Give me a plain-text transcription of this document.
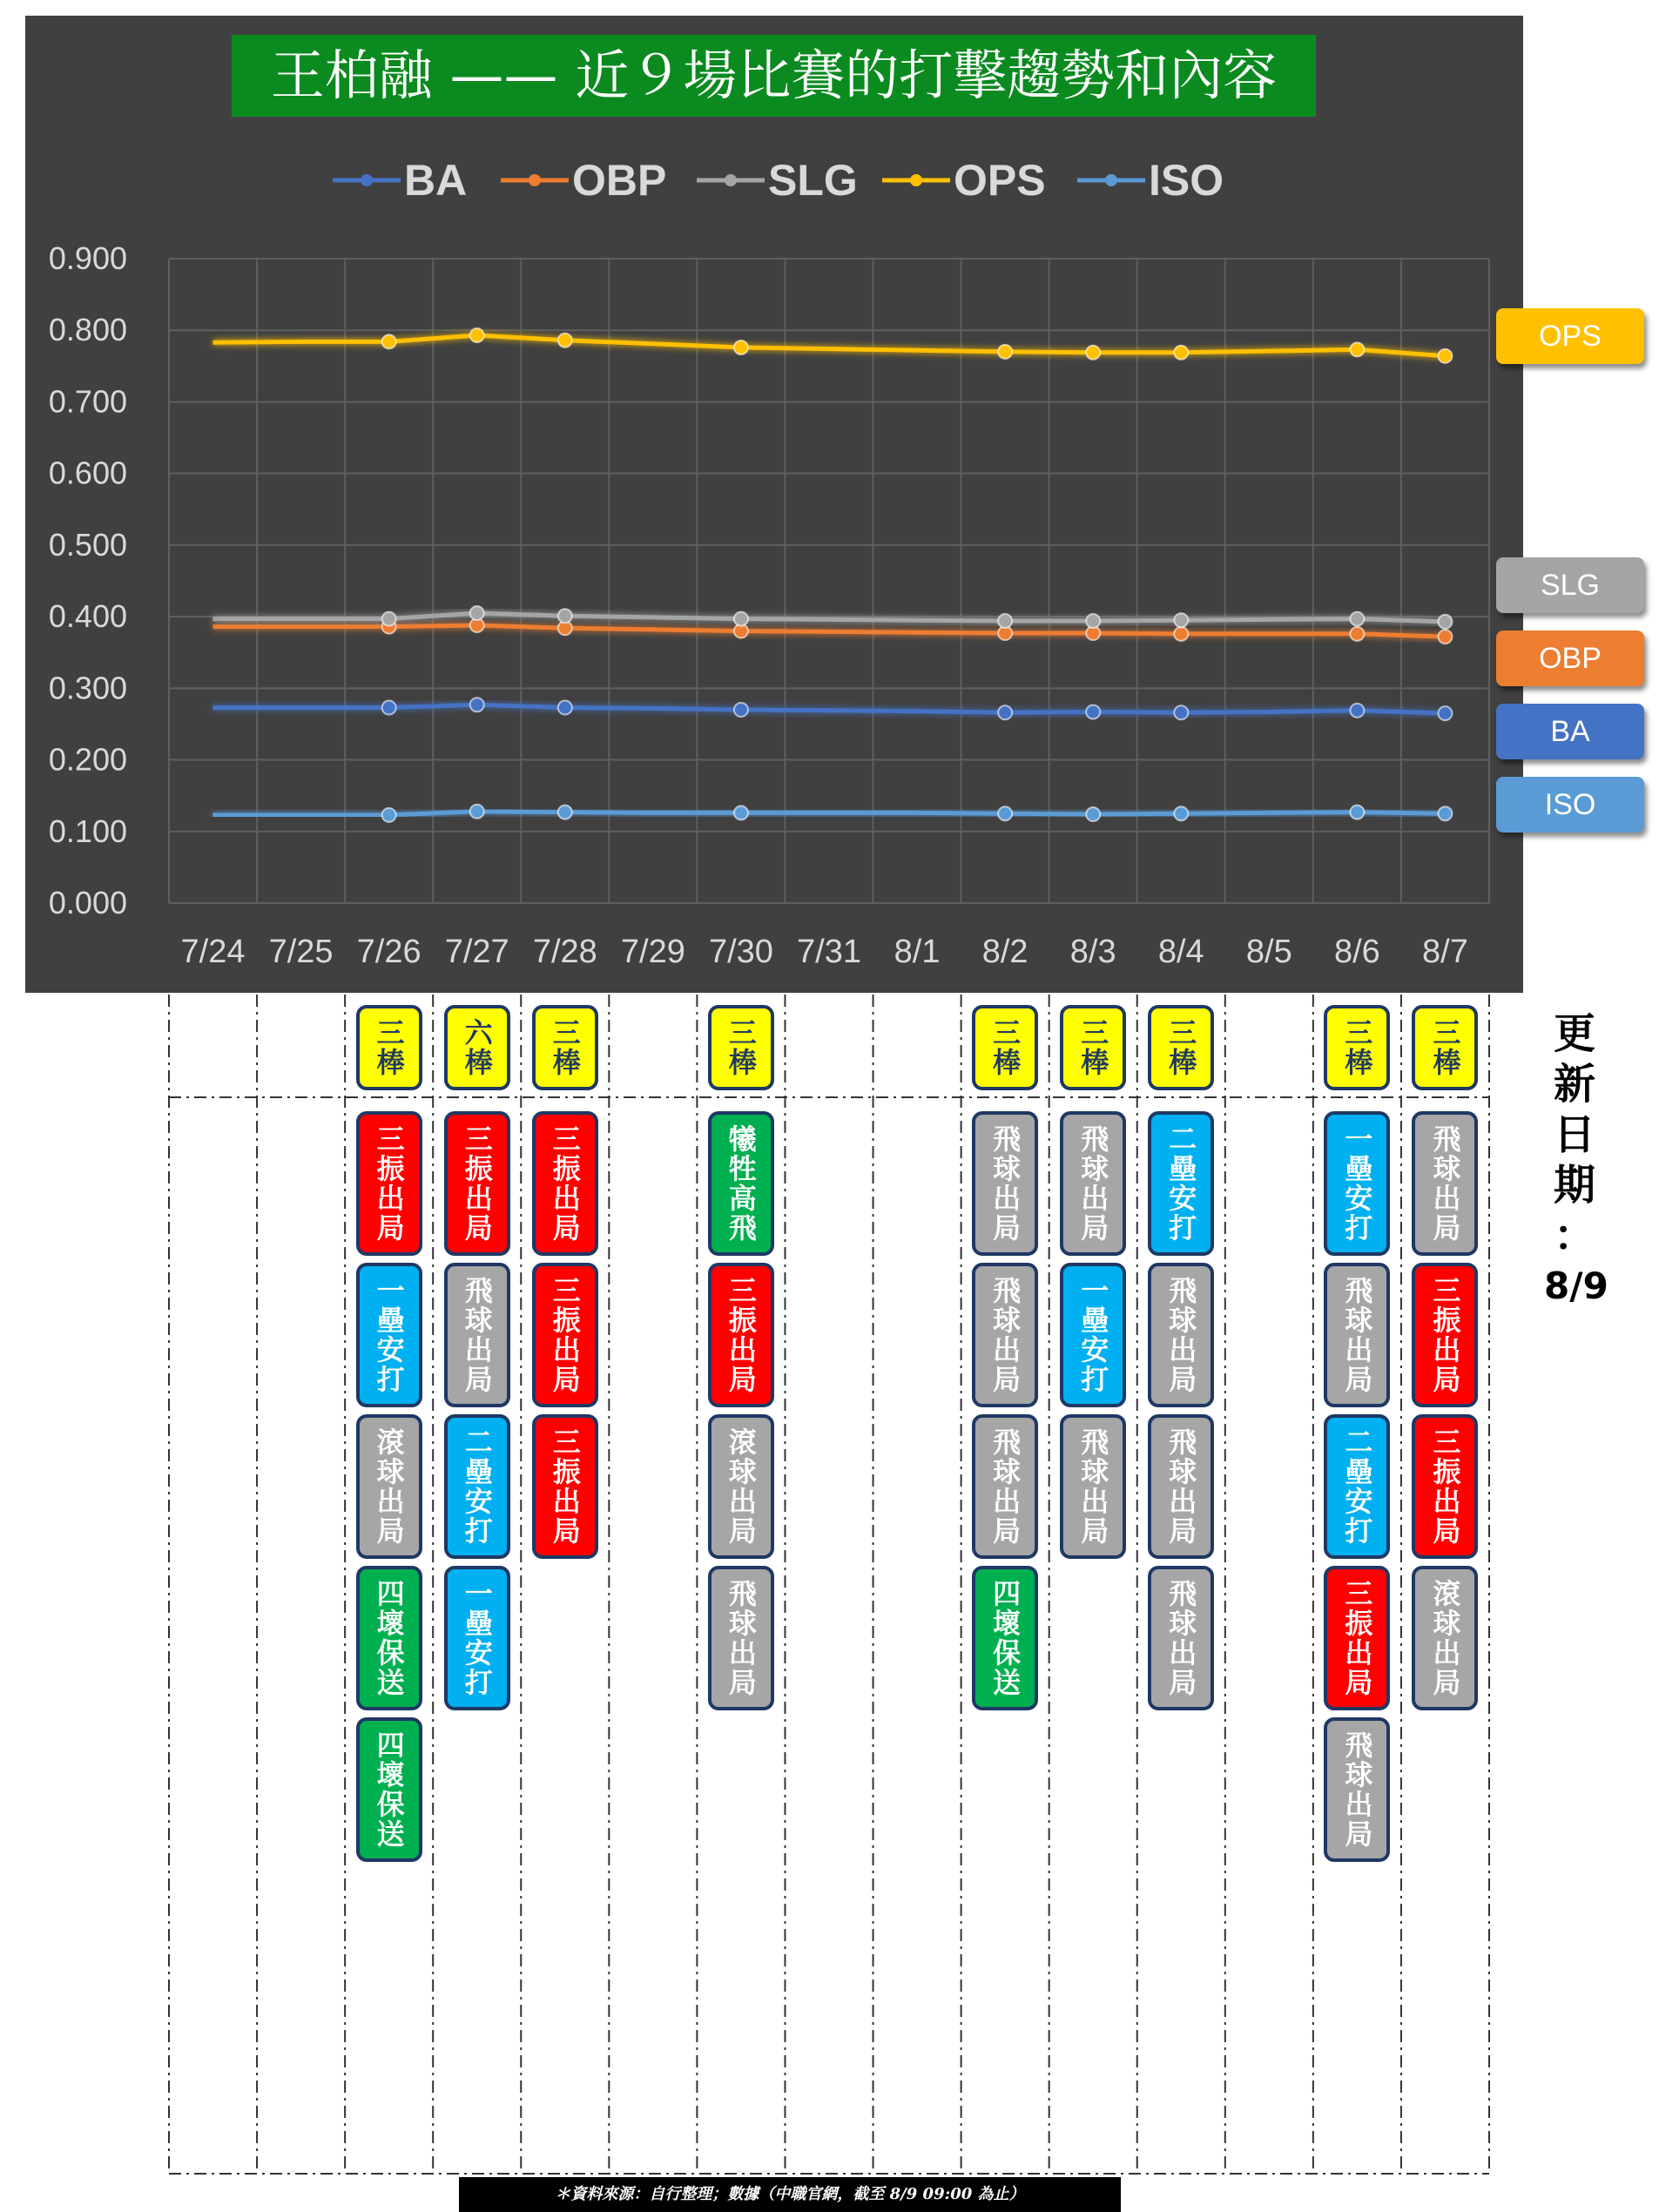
0.000
0.100
0.200
0.300
0.400
0.500
0.600
0.700
0.800
0.900
7/24 7/25 7/26 7/27 7/28 7/29 7/30 7/31 8/1 8/2 8/3 8/4 8/5 8/6 8/7
BA OBP SLG OPS ISO
王柏融 —— 近９場比賽的打擊趨勢和內容
OPS
SLG
OBP
BA
ISO
三棒
三振出局
一壘安打
滾球出局
四壞保送
四壞保送
六棒
三振出局
飛球出局
二壘安打
一壘安打
三棒
三振出局
三振出局
三振出局
三棒
犧牲高飛
三振出局
滾球出局
飛球出局
三棒
飛球出局
飛球出局
飛球出局
四壞保送
三棒
飛球出局
一壘安打
飛球出局
三棒
二壘安打
飛球出局
飛球出局
飛球出局
三棒
一壘安打
飛球出局
二壘安打
三振出局
飛球出局
三棒
飛球出局
三振出局
三振出局
滾球出局
更
新
日
期
：
8/9
＊資料來源：自行整理；數據（中職官網，截至 8/9 09:00 為止）
